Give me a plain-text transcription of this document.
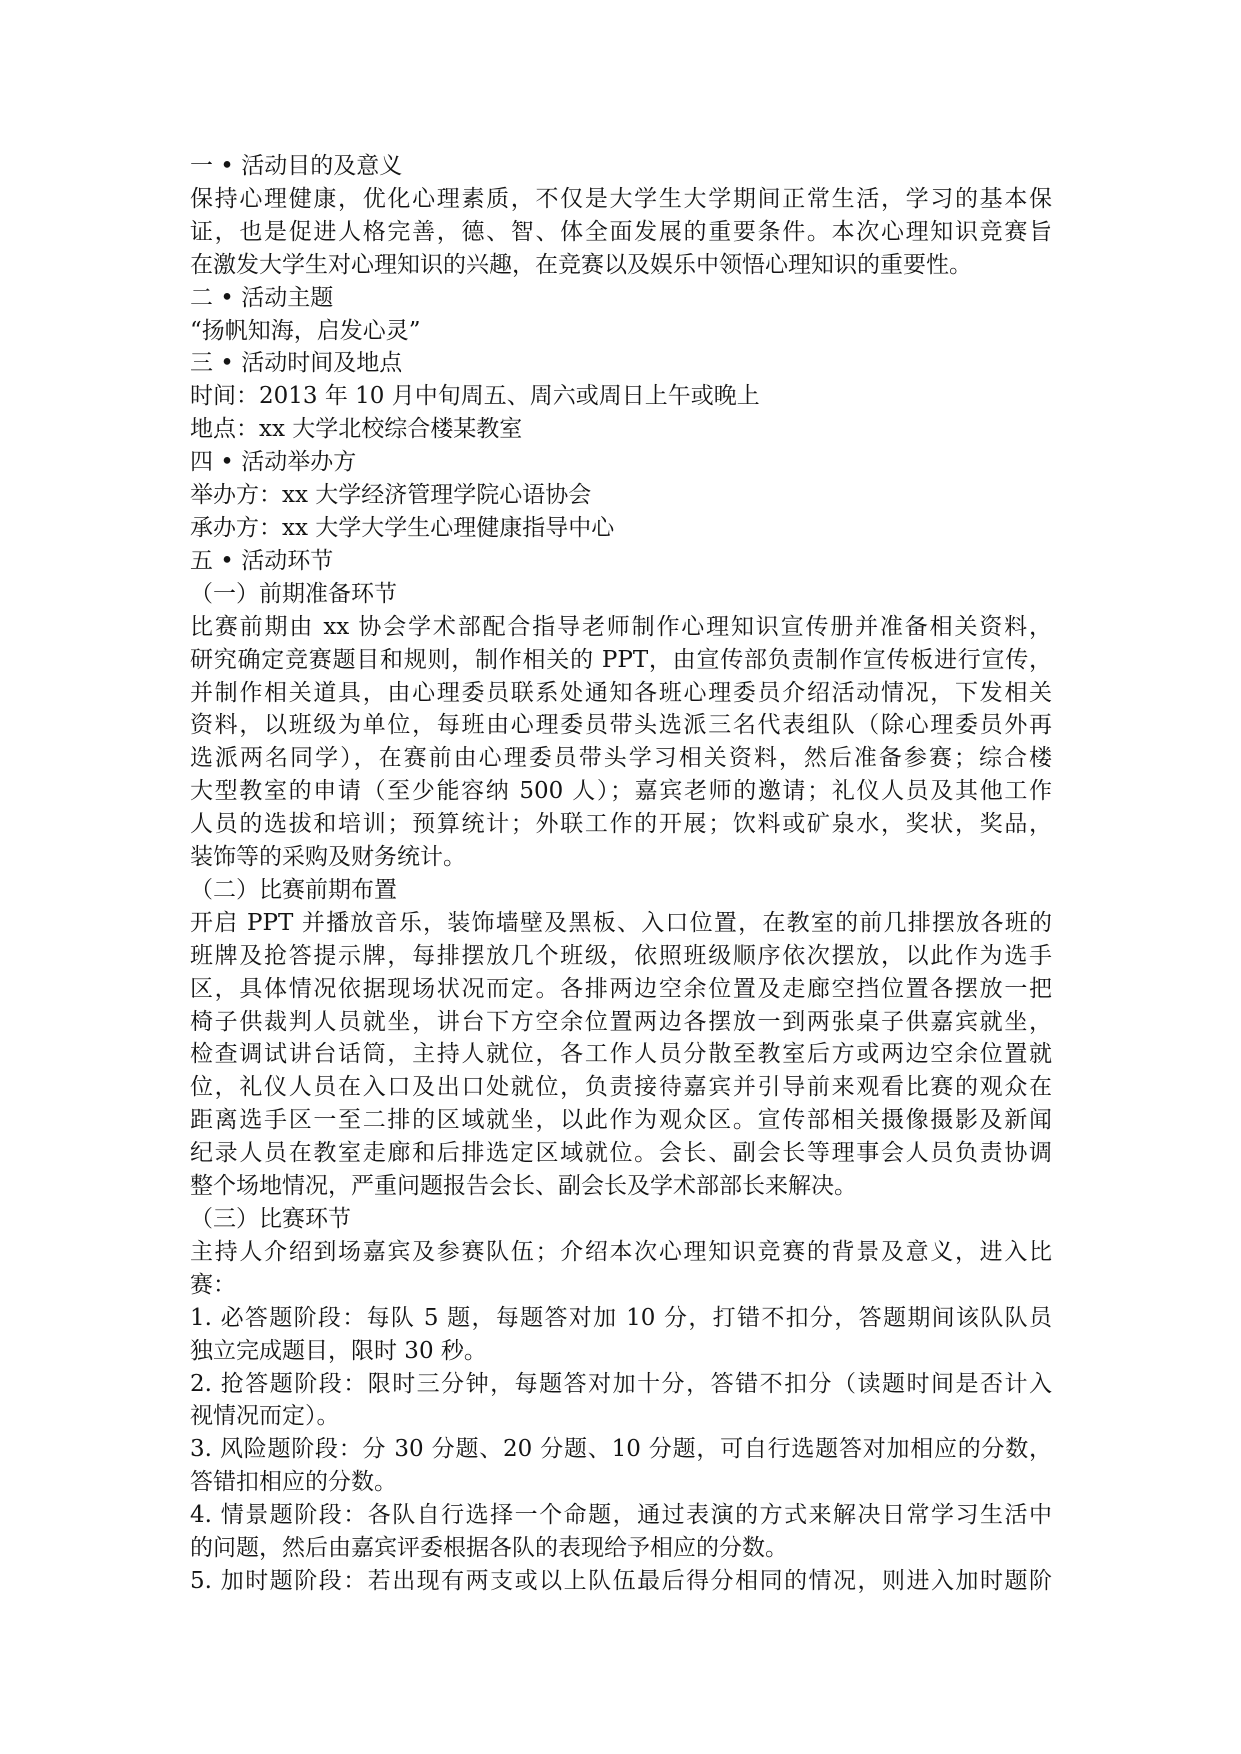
一 • 活动目的及意义
保持心理健康，优化心理素质，不仅是大学生大学期间正常生活，学习的基本保
证，也是促进人格完善，德、智、体全面发展的重要条件。本次心理知识竞赛旨
在激发大学生对心理知识的兴趣，在竞赛以及娱乐中领悟心理知识的重要性。
二 • 活动主题
“扬帆知海，启发心灵”
三 • 活动时间及地点
时间：2013 年 10 月中旬周五、周六或周日上午或晚上
地点：xx 大学北校综合楼某教室
四 • 活动举办方
举办方：xx 大学经济管理学院心语协会
承办方：xx 大学大学生心理健康指导中心
五 • 活动环节
（一）前期准备环节
比赛前期由 xx 协会学术部配合指导老师制作心理知识宣传册并准备相关资料，
研究确定竞赛题目和规则，制作相关的 PPT，由宣传部负责制作宣传板进行宣传，
并制作相关道具，由心理委员联系处通知各班心理委员介绍活动情况，下发相关
资料，以班级为单位，每班由心理委员带头选派三名代表组队（除心理委员外再
选派两名同学），在赛前由心理委员带头学习相关资料，然后准备参赛；综合楼
大型教室的申请（至少能容纳 500 人）；嘉宾老师的邀请；礼仪人员及其他工作
人员的选拔和培训；预算统计；外联工作的开展；饮料或矿泉水，奖状，奖品，
装饰等的采购及财务统计。
（二）比赛前期布置
开启 PPT 并播放音乐，装饰墙壁及黑板、入口位置，在教室的前几排摆放各班的
班牌及抢答提示牌，每排摆放几个班级，依照班级顺序依次摆放，以此作为选手
区，具体情况依据现场状况而定。各排两边空余位置及走廊空挡位置各摆放一把
椅子供裁判人员就坐，讲台下方空余位置两边各摆放一到两张桌子供嘉宾就坐，
检查调试讲台话筒，主持人就位，各工作人员分散至教室后方或两边空余位置就
位，礼仪人员在入口及出口处就位，负责接待嘉宾并引导前来观看比赛的观众在
距离选手区一至二排的区域就坐，以此作为观众区。宣传部相关摄像摄影及新闻
纪录人员在教室走廊和后排选定区域就位。会长、副会长等理事会人员负责协调
整个场地情况，严重问题报告会长、副会长及学术部部长来解决。
（三）比赛环节
主持人介绍到场嘉宾及参赛队伍；介绍本次心理知识竞赛的背景及意义，进入比
赛：
1. 必答题阶段：每队 5 题，每题答对加 10 分，打错不扣分，答题期间该队队员
独立完成题目，限时 30 秒。
2. 抢答题阶段：限时三分钟，每题答对加十分，答错不扣分（读题时间是否计入
视情况而定）。
3. 风险题阶段：分 30 分题、20 分题、10 分题，可自行选题答对加相应的分数，
答错扣相应的分数。
4. 情景题阶段：各队自行选择一个命题，通过表演的方式来解决日常学习生活中
的问题，然后由嘉宾评委根据各队的表现给予相应的分数。
5. 加时题阶段：若出现有两支或以上队伍最后得分相同的情况，则进入加时题阶
